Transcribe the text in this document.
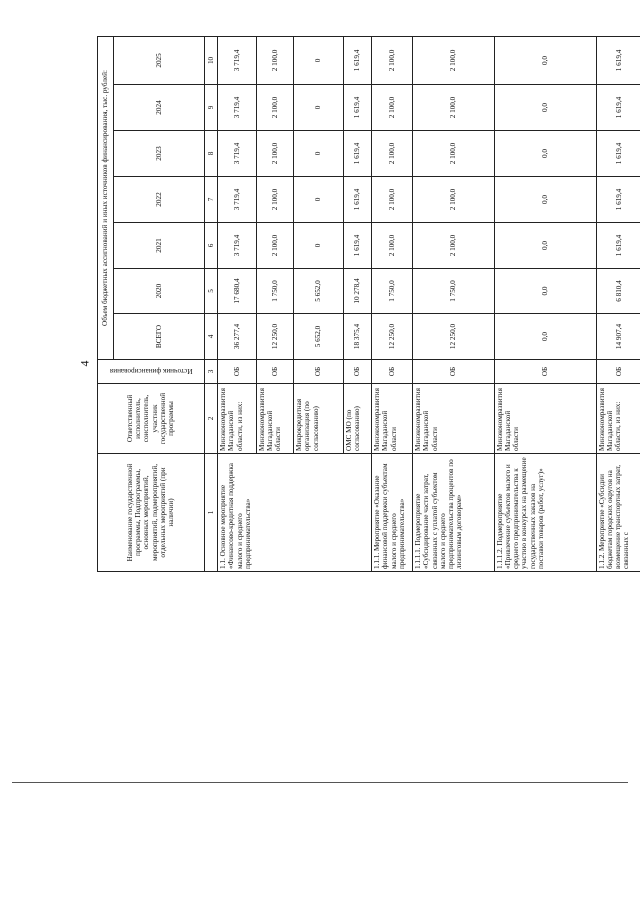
4
Наименование государственной программы, Подпрограммы, основных мероприятий, мероприятий, подмероприятий, отдельных мероприятий (при наличии)	Ответственный исполнитель, соисполнитель, участник государственной программы	Источник финансирования	Объем бюджетных ассигнований и иных источников финансирования, тыс. рублей:						
			ВСЕГО	2020	2021	2022	2023	2024	2025
1	2	3	4	5	6	7	8	9	10
1.1. Основное мероприятие «Финансово-кредитная поддержка малого и среднего предпринимательства»	Минэкономразвития Магаданской области, из них:	ОБ	36 277,4	17 680,4	3 719,4	3 719,4	3 719,4	3 719,4	3 719,4
	Минэкономразвития Магаданской области	ОБ	12 250,0	1 750,0	2 100,0	2 100,0	2 100,0	2 100,0	2 100,0
	Микрокредитная организация (по согласованию)	ОБ	5 652,0	5 652,0	0	0	0	0	0
	ОМС МО (по согласованию)	ОБ	18 375,4	10 278,4	1 619,4	1 619,4	1 619,4	1 619,4	1 619,4
1.1.1. Мероприятие «Оказание финансовой поддержки субъектам малого и среднего предпринимательства»	Минэкономразвития Магаданской области	ОБ	12 250,0	1 750,0	2 100,0	2 100,0	2 100,0	2 100,0	2 100,0
1.1.1.1. Подмероприятие «Субсидирование части затрат, связанных с уплатой субъектом малого и среднего предпринимательства процентов по лизинговым договорам»	Минэкономразвития Магаданской области	ОБ	12 250,0	1 750,0	2 100,0	2 100,0	2 100,0	2 100,0	2 100,0
1.1.1.2. Подмероприятие «Привлечение субъектов малого и среднего предпринимательства к участию в конкурсах на размещение государственных заказов на поставки товаров (работ, услуг)»	Минэкономразвития Магаданской области	ОБ	0,0	0,0	0,0	0,0	0,0	0,0	0,0
1.1.2. Мероприятие «Субсидии бюджетам городских округов на возмещение транспортных затрат, связанных с	Минэкономразвития Магаданской области, из них:	ОБ	14 907,4	6 810,4	1 619,4	1 619,4	1 619,4	1 619,4	1 619,4
